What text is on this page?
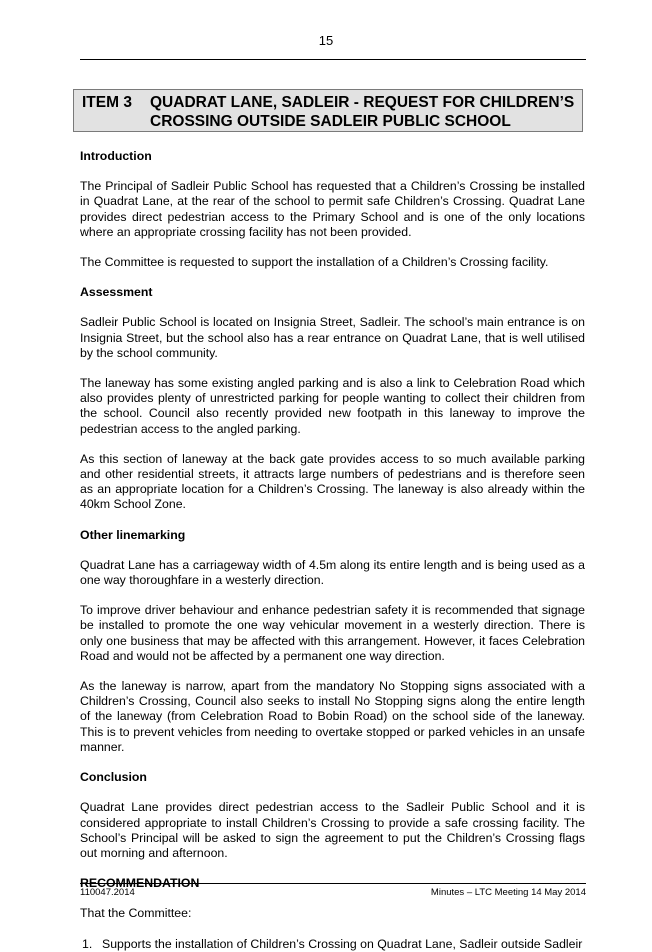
15
ITEM 3 QUADRAT LANE, SADLEIR - REQUEST FOR CHILDREN’S CROSSING OUTSIDE SADLEIR PUBLIC SCHOOL
Introduction

The Principal of Sadleir Public School has requested that a Children’s Crossing be installed in Quadrat Lane, at the rear of the school to permit safe Children’s Crossing. Quadrat Lane provides direct pedestrian access to the Primary School and is one of the only locations where an appropriate crossing facility has not been provided.

The Committee is requested to support the installation of a Children’s Crossing facility.

Assessment

Sadleir Public School is located on Insignia Street, Sadleir. The school’s main entrance is on Insignia Street, but the school also has a rear entrance on Quadrat Lane, that is well utilised by the school community.

The laneway has some existing angled parking and is also a link to Celebration Road which also provides plenty of unrestricted parking for people wanting to collect their children from the school. Council also recently provided new footpath in this laneway to improve the pedestrian access to the angled parking.

As this section of laneway at the back gate provides access to so much available parking and other residential streets, it attracts large numbers of pedestrians and is therefore seen as an appropriate location for a Children’s Crossing. The laneway is also already within the 40km School Zone.

Other linemarking

Quadrat Lane has a carriageway width of 4.5m along its entire length and is being used as a one way thoroughfare in a westerly direction.

To improve driver behaviour and enhance pedestrian safety it is recommended that signage be installed to promote the one way vehicular movement in a westerly direction. There is only one business that may be affected with this arrangement. However, it faces Celebration Road and would not be affected by a permanent one way direction.

As the laneway is narrow, apart from the mandatory No Stopping signs associated with a Children’s Crossing, Council also seeks to install No Stopping signs along the entire length of the laneway (from Celebration Road to Bobin Road) on the school side of the laneway. This is to prevent vehicles from needing to overtake stopped or parked vehicles in an unsafe manner.

Conclusion

Quadrat Lane provides direct pedestrian access to the Sadleir Public School and it is considered appropriate to install Children’s Crossing to provide a safe crossing facility. The School’s Principal will be asked to sign the agreement to put the Children’s Crossing flags out morning and afternoon.

RECOMMENDATION

That the Committee:

1. Supports the installation of Children’s Crossing on Quadrat Lane, Sadleir outside Sadleir
110047.2014	Minutes – LTC Meeting 14 May 2014
